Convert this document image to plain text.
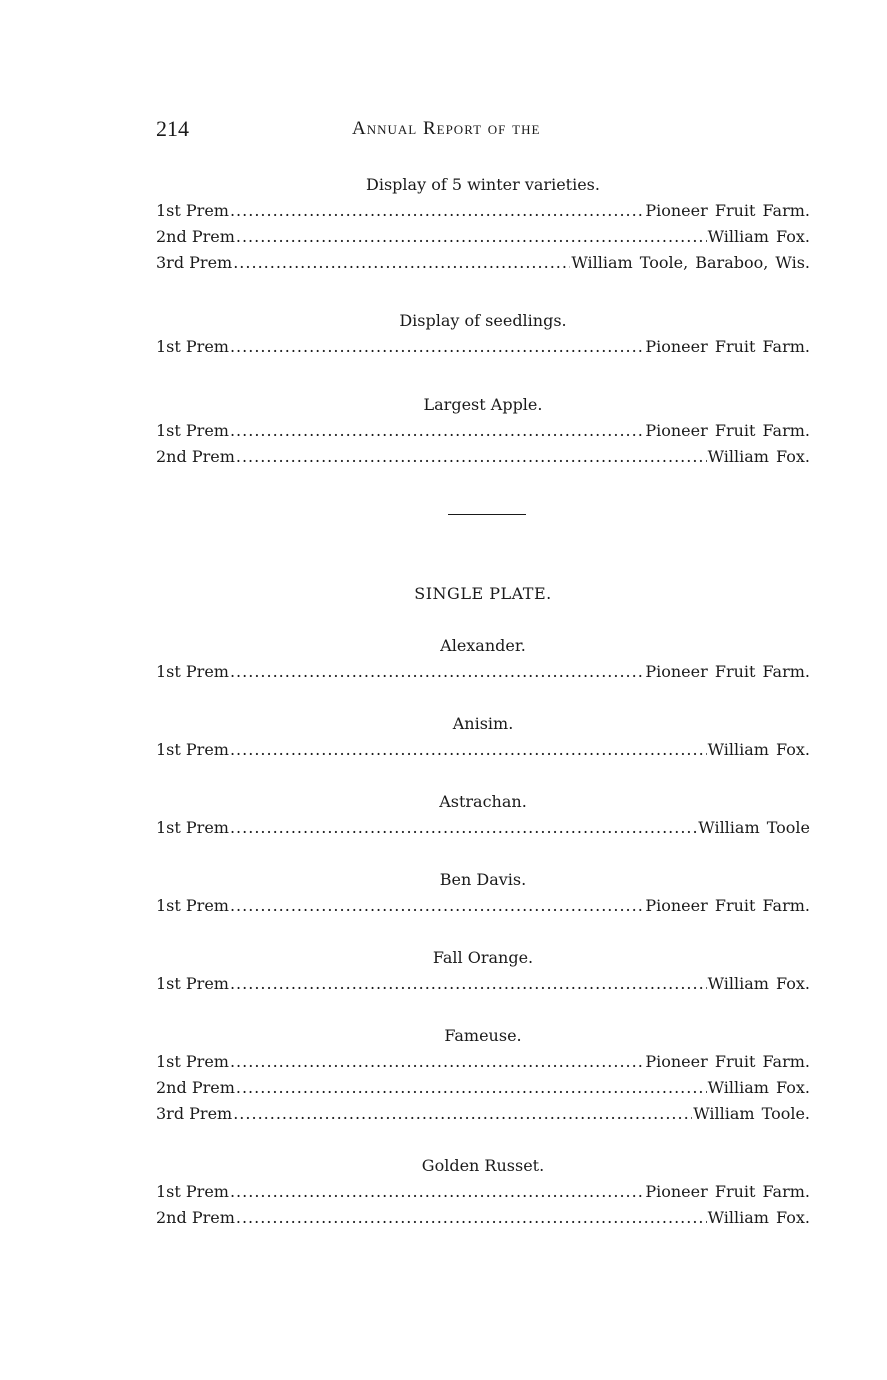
214	Annual Report of the
Display of 5 winter varieties.
1st Prem .....	Pioneer Fruit Farm.
2nd Prem .....	William Fox.
3rd Prem .....	William Toole, Baraboo, Wis.
Display of seedlings.
1st Prem .....	Pioneer Fruit Farm.
Largest Apple.
1st Prem .....	Pioneer Fruit Farm.
2nd Prem .....	William Fox.
SINGLE PLATE.
Alexander.
1st Prem .....	Pioneer Fruit Farm.
Anisim.
1st Prem .....	William Fox.
Astrachan.
1st Prem .....	William Toole
Ben Davis.
1st Prem .....	Pioneer Fruit Farm.
Fall Orange.
1st Prem .....	William Fox.
Fameuse.
1st Prem .....	Pioneer Fruit Farm.
2nd Prem .....	William Fox.
3rd Prem .....	William Toole.
Golden Russet.
1st Prem .....	Pioneer Fruit Farm.
2nd Prem .....	William Fox.
